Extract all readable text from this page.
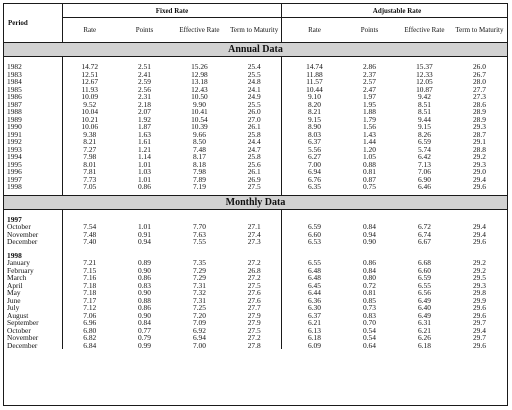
Period	Fixed Rate					Adjustable Rate			
	Rate	Points	Effective Rate	Term to Maturity		Rate	Points	Effective Rate	Term to Maturity
Annual Data									

1982	14.72	2.51	15.26	25.4		14.74	2.86	15.37	26.0
1983	12.51	2.41	12.98	25.5		11.88	2.37	12.33	26.7
1984	12.67	2.59	13.18	24.8		11.57	2.57	12.05	28.0
1985	11.93	2.56	12.43	24.1		10.44	2.47	10.87	27.7
1986	10.09	2.31	10.50	24.9		9.10	1.97	9.42	27.3
1987	9.52	2.18	9.90	25.5		8.20	1.95	8.51	28.6
1988	10.04	2.07	10.41	26.0		8.21	1.88	8.51	28.9
1989	10.21	1.92	10.54	27.0		9.15	1.79	9.44	28.9
1990	10.06	1.87	10.39	26.1		8.90	1.56	9.15	29.3
1991	9.38	1.63	9.66	25.8		8.03	1.43	8.26	28.7
1992	8.21	1.61	8.50	24.4		6.37	1.44	6.59	29.1
1993	7.27	1.21	7.48	24.7		5.56	1.20	5.74	28.8
1994	7.98	1.14	8.17	25.8		6.27	1.05	6.42	29.2
1995	8.01	1.01	8.18	25.6		7.00	0.88	7.13	29.3
1996	7.81	1.03	7.98	26.1		6.94	0.81	7.06	29.0
1997	7.73	1.01	7.89	26.9		6.76	0.87	6.90	29.4
1998	7.05	0.86	7.19	27.5		6.35	0.75	6.46	29.6

Monthly Data									

1997									
October	7.54	1.01	7.70	27.1		6.59	0.84	6.72	29.4
November	7.48	0.91	7.63	27.4		6.60	0.94	6.74	29.4
December	7.40	0.94	7.55	27.3		6.53	0.90	6.67	29.6

1998									
January	7.21	0.89	7.35	27.2		6.55	0.86	6.68	29.2
February	7.15	0.90	7.29	26.8		6.48	0.84	6.60	29.2
March	7.16	0.86	7.29	27.2		6.48	0.80	6.59	29.5
April	7.18	0.83	7.31	27.5		6.45	0.72	6.55	29.3
May	7.18	0.90	7.32	27.6		6.44	0.81	6.56	29.8
June	7.17	0.88	7.31	27.6		6.36	0.85	6.49	29.9
July	7.12	0.86	7.25	27.7		6.30	0.73	6.40	29.6
August	7.06	0.90	7.20	27.9		6.37	0.83	6.49	29.6
September	6.96	0.84	7.09	27.9		6.21	0.70	6.31	29.7
October	6.80	0.77	6.92	27.5		6.13	0.54	6.21	29.4
November	6.82	0.79	6.94	27.2		6.18	0.54	6.26	29.7
December	6.84	0.99	7.00	27.8		6.09	0.64	6.18	29.6
